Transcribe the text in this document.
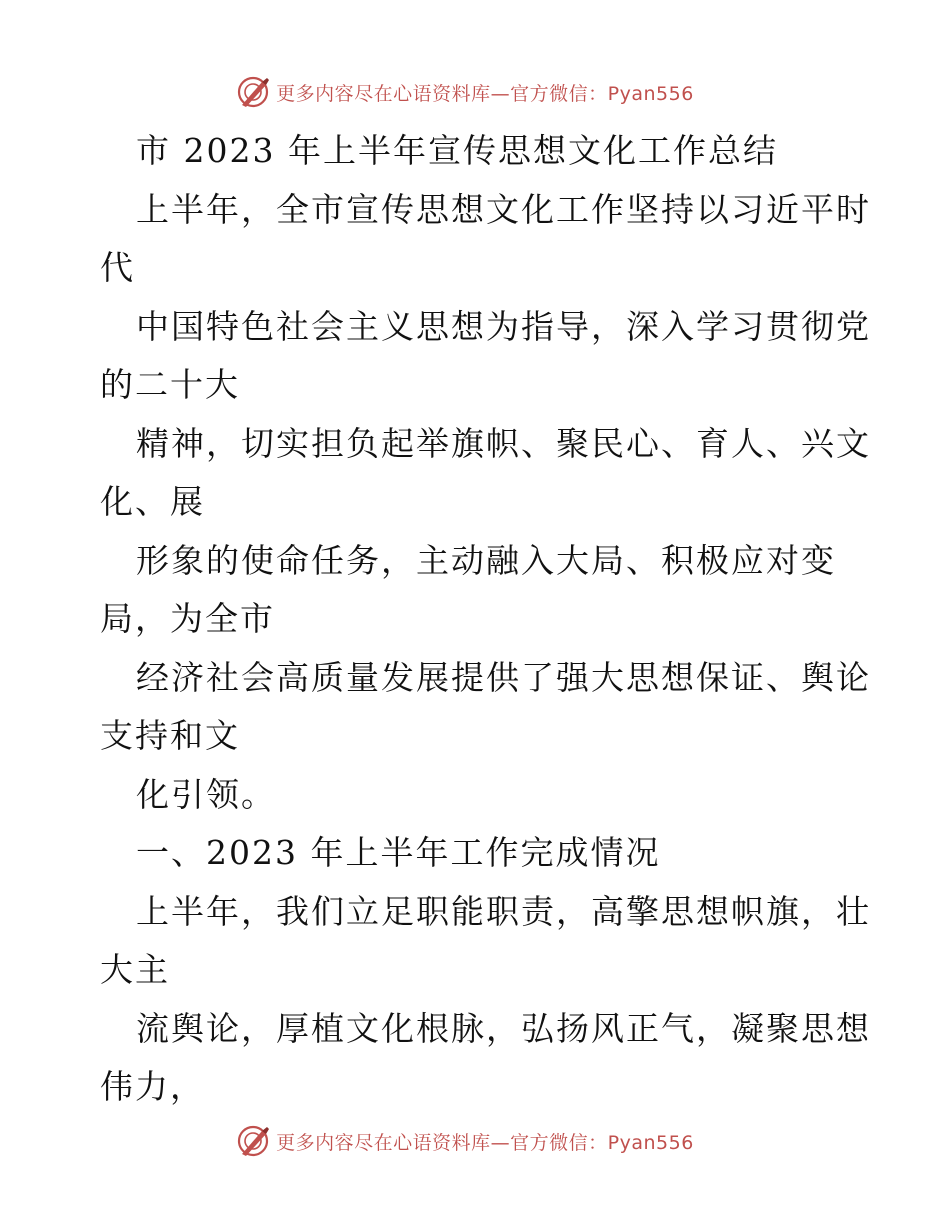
更多内容尽在心语资料库—官方微信：Pyan556
市 2023 年上半年宣传思想文化工作总结
上半年，全市宣传思想文化工作坚持以习近平时
代
中国特色社会主义思想为指导，深入学习贯彻党
的二十大
精神，切实担负起举旗帜、聚民心、育人、兴文
化、展
形象的使命任务，主动融入大局、积极应对变
局，为全市
经济社会高质量发展提供了强大思想保证、舆论
支持和文
化引领。
一、2023 年上半年工作完成情况
上半年，我们立足职能职责，高擎思想帜旗，壮
大主
流舆论，厚植文化根脉，弘扬风正气，凝聚思想
伟力，
更多内容尽在心语资料库—官方微信：Pyan556
